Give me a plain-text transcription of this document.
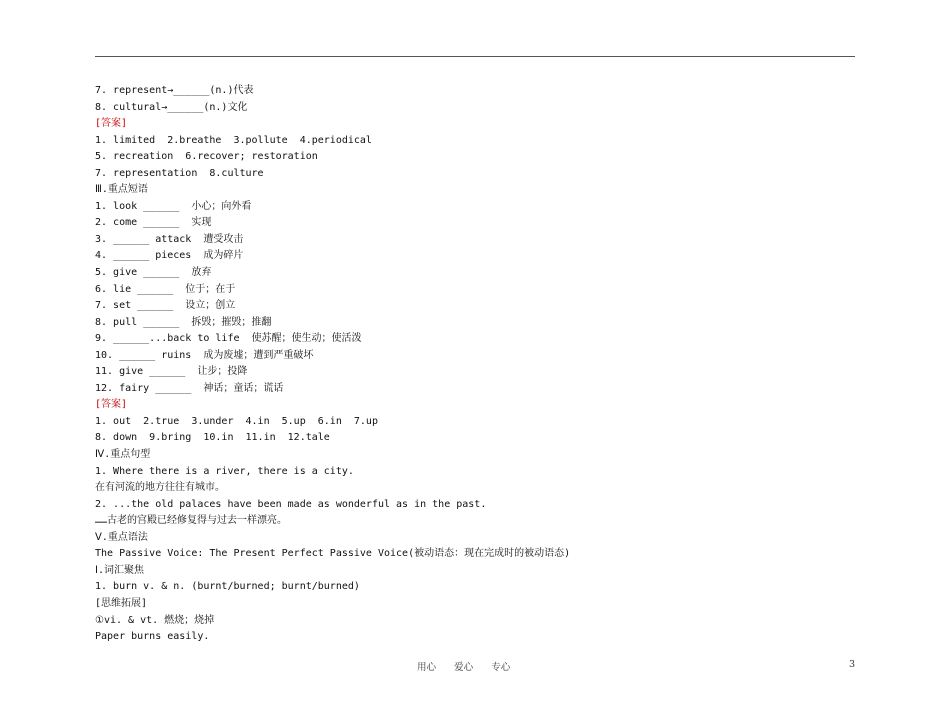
7. represent→______(n.)代表
8. cultural→______(n.)文化
[答案]
1. limited  2.breathe  3.pollute  4.periodical
5. recreation  6.recover; restoration
7. representation  8.culture
Ⅲ.重点短语
1. look ______  小心；向外看
2. come ______  实现
3. ______ attack  遭受攻击
4. ______ pieces  成为碎片
5. give ______  放弃
6. lie ______  位于；在于
7. set ______  设立；创立
8. pull ______  拆毁；摧毁；推翻
9. ______...back to life  使苏醒；使生动；使活泼
10. ______ ruins  成为废墟；遭到严重破坏
11. give ______  让步；投降
12. fairy ______  神话；童话；谎话
[答案]
1. out  2.true  3.under  4.in  5.up  6.in  7.up
8. down  9.bring  10.in  11.in  12.tale
Ⅳ.重点句型
1. Where there is a river, there is a city.
在有河流的地方往往有城市。
2. ...the old palaces have been made as wonderful as in the past.
……古老的宫殿已经修复得与过去一样漂亮。
Ⅴ.重点语法
The Passive Voice: The Present Perfect Passive Voice(被动语态：现在完成时的被动语态)
Ⅰ.词汇聚焦
1. burn v. & n. (burnt/burned; burnt/burned)
[思维拓展]
①vi. & vt. 燃烧；烧掉
Paper burns easily.
用心      爱心      专心	3
